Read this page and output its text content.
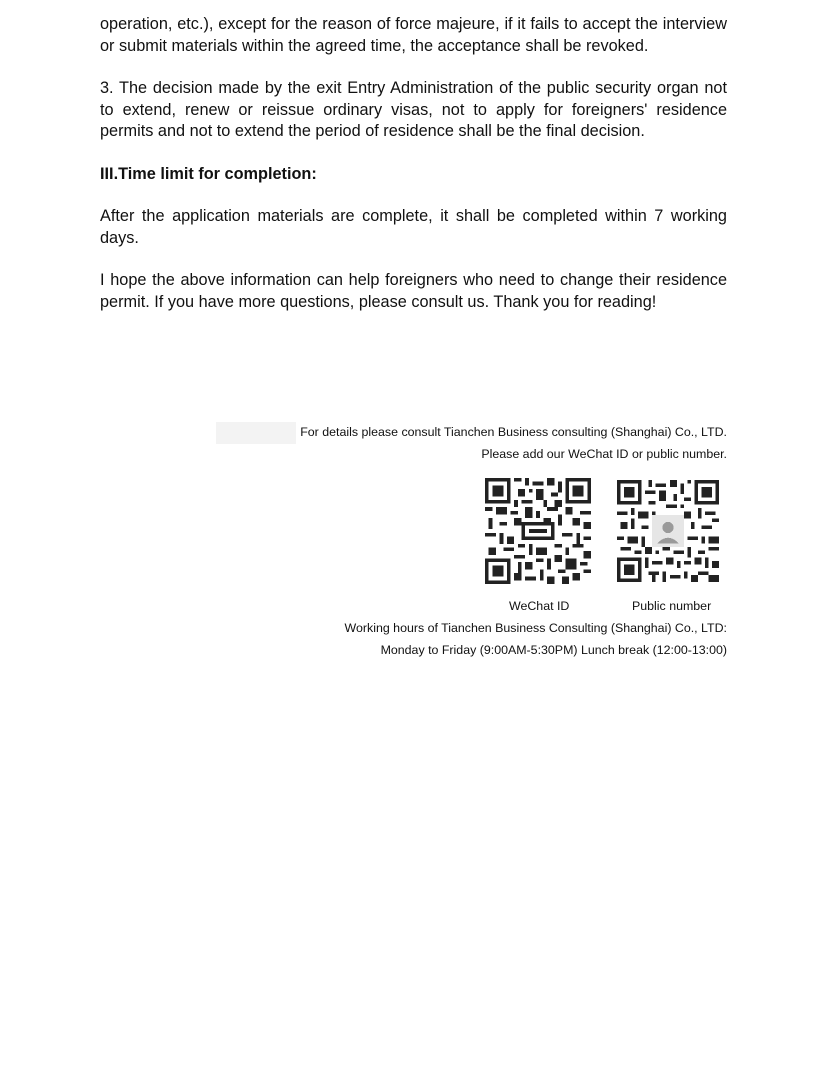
operation, etc.), except for the reason of force majeure, if it fails to accept the interview or submit materials within the agreed time, the acceptance shall be revoked.

3. The decision made by the exit Entry Administration of the public security organ not to extend, renew or reissue ordinary visas, not to apply for foreigners' residence permits and not to extend the period of residence shall be the final decision.

III.Time limit for completion:

After the application materials are complete, it shall be completed within 7 working days.

I hope the above information can help foreigners who need to change their residence permit. If you have more questions, please consult us. Thank you for reading!

For details please consult Tianchen Business consulting (Shanghai) Co., LTD.
Please add our WeChat ID or public number.
WeChat ID	Public number
Working hours of Tianchen Business Consulting (Shanghai) Co., LTD:
Monday to Friday (9:00AM-5:30PM) Lunch break (12:00-13:00)
